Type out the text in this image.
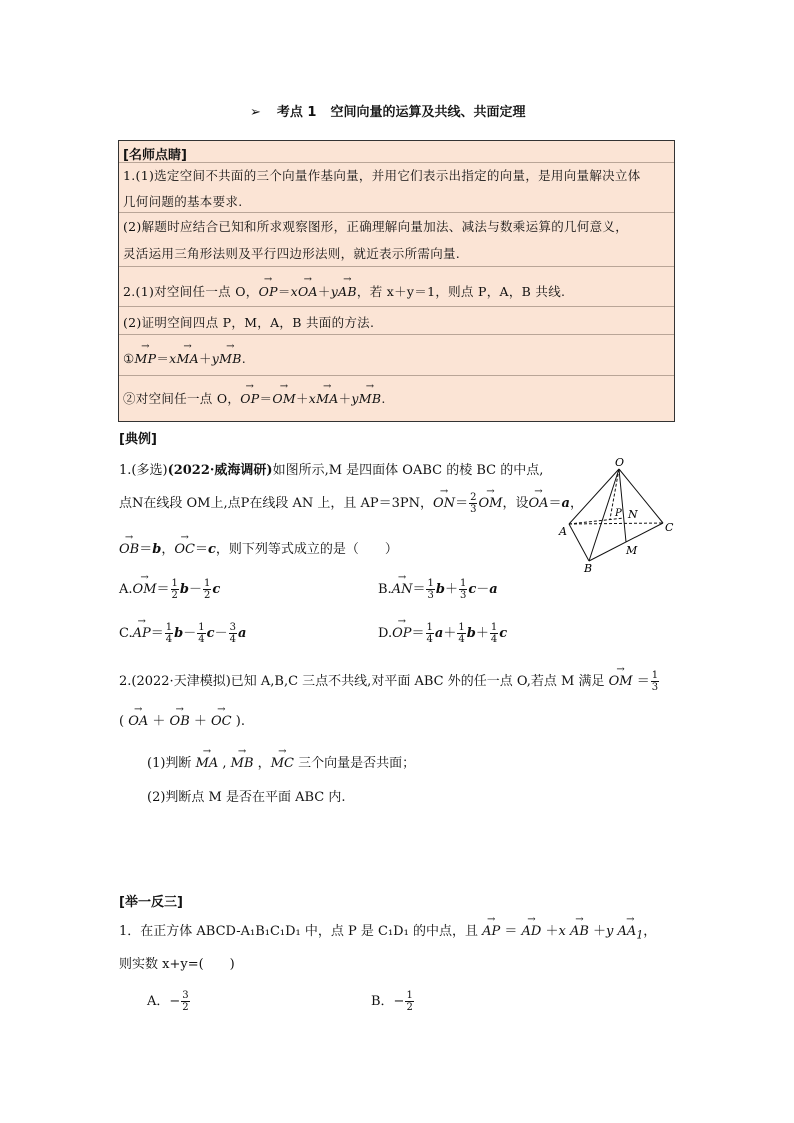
➢ 考点 1 空间向量的运算及共线、共面定理
[名师点睛]
1.(1)选定空间不共面的三个向量作基向量，并用它们表示出指定的向量，是用向量解决立体
几何问题的基本要求.
(2)解题时应结合已知和所求观察图形，正确理解向量加法、减法与数乘运算的几何意义，
灵活运用三角形法则及平行四边形法则，就近表示所需向量.
2.(1)对空间任一点 O，→ OP＝x→ OA＋y→ AB，若 x＋y＝1，则点 P，A，B 共线.
(2)证明空间四点 P，M，A，B 共面的方法.
①→ MP＝x→ MA＋y→ MB.
②对空间任一点 O，→ OP＝→ OM＋x→ MA＋y→ MB.
[典例]
1.(多选)(2022·威海调研)如图所示,M 是四面体 OABC 的棱 BC 的中点,
点N在线段 OM上,点P在线段 AN 上，且 AP＝3PN，→ $ON= \frac{2}{3}$ → OM，设→ OA＝a，
→ OB＝b，→ OC＝c，则下列等式成立的是（　　）
$A.\to OM= \frac{1}{2} b- \frac{1}{2}$ c	$B.\to AN= \frac{1}{3} b+ \frac{1}{3} c-a$
$C.\to AP= \frac{1}{4} b- \frac{1}{4} c- \frac{3}{4}$ a	$D.\to OP= \frac{1}{4} a+ \frac{1}{4} b+ \frac{1}{4}$ c
O
A
B
C
M
N
P
2.(2022·天津模拟)已知 A,B,C 三点不共线,对平面 ABC 外的任一点 O,若点 M 满足 → OM ＝ $\frac{1}{3}$
( → OA ＋ → OB ＋ → OC ).
(1)判断 → MA , → MB ，→ MC 三个向量是否共面；
(2)判断点 M 是否在平面 ABC 内.
[举一反三]
1．在正方体 ABCD-A₁B₁C₁D₁ 中，点 P 是 C₁D₁ 的中点，且 → AP ＝ → AD ＋x → AB $+y \to AA_1$，
则实数 x+y=(　　)
A．− $\frac{3}{2}$	B．− $\frac{1}{2}$
